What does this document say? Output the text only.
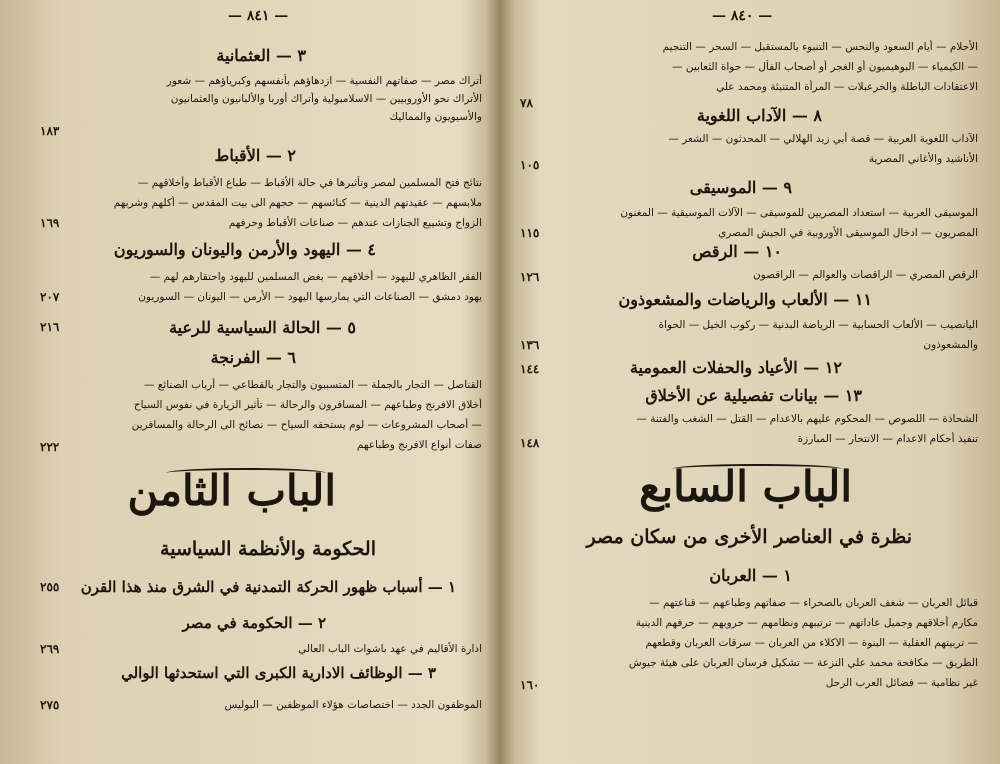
— ٨٤١ —
٣ — العثمانية
أتراك مصر — صفاتهم النفسية — ازدهاؤهم بأنفسهم وكبرياؤهم — شعور
الأتراك نحو الأوروبيين — الاسلامبولية وأتراك أوربا والألبانيون والعثمانيون
والأسيويون والمماليك
١٨٣
٢ — الأقباط
نتائج فتح المسلمين لمصر وتأثيرها في حالة الأقباط — طباع الأقباط وأخلاقهم —
ملابسهم — عقيدتهم الدينية — كنائسهم — حجهم الى بيت المقدس — أكلهم وشربهم
الزواج وتشييع الجنازات عندهم — صناعات الأقباط وحرفهم
١٦٩
٤ — اليهود والأرمن واليونان والسوريون
الفقر الظاهري لليهود — أخلاقهم — بغض المسلمين لليهود واحتقارهم لهم —
يهود دمشق — الصناعات التي يمارسها اليهود — الأرمن — اليونان — السوريون
٢٠٧
٥ — الحالة السياسية للرعية
٢١٦
٦ — الفرنجة
القناصل — التجار بالجملة — المتسببون والتجار بالقطاعي — أرباب الصنائع —
أخلاق الافرنج وطباعهم — المسافرون والرحالة — تأثير الزيارة في نفوس السياح
— أصحاب المشروعات — لوم يستحقه السياح — نصائح الى الرحالة والمسافرين
صفات أنواع الافرنج وطباعهم
٢٢٢
الباب الثامن
الحكومة والأنظمة السياسية
١ — أسباب ظهور الحركة التمدنية في الشرق منذ هذا القرن
٢٥٥
٢ — الحكومة في مصر
ادارة الأقاليم في عهد باشوات الباب العالي
٢٦٩
٣ — الوظائف الادارية الكبرى التي استحدثها الوالي
الموظفون الجدد — اختصاصات هؤلاء الموظفين — البوليس
٢٧٥
— ٨٤٠ —
الأحلام — أيام السعود والنحس — التنبوء بالمستقبل — السحر — التنجيم
— الكيمياء — البوهيميون أو الغجر أو أصحاب الفأل — حواة الثعابين —
الاعتقادات الباطلة والخرعبلات — المرأة المتنبئة ومحمد علي
٧٨
٨ — الآداب اللغوية
الآداب اللغوية العربية — قصة أبي زيد الهلالي — المحدثون — الشعر —
الأناشيد والأغاني المصرية
١٠٥
٩ — الموسيقى
الموسيقى العربية — استعداد المصريين للموسيقى — الآلات الموسيقية — المغنون
المصريون — ادخال الموسيقى الأوروبية في الجيش المصري
١١٥
١٠ — الرقص
الرقص المصري — الراقصات والعوالم — الراقصون
١٢٦
١١ — الألعاب والرياضات والمشعوذون
اليانصيب — الألعاب الحسابية — الرياضة البدنية — ركوب الخيل — الحواة
والمشعوذون
١٣٦
١٢ — الأعياد والحفلات العمومية
١٤٤
١٣ — بيانات تفصيلية عن الأخلاق
الشحاذة — اللصوص — المحكوم عليهم بالاعدام — القتل — الشغب والفتنة —
تنفيذ أحكام الاعدام — الانتحار — المبارزة
١٤٨
الباب السابع
نظرة في العناصر الأخرى من سكان مصر
١ — العربان
قبائل العربان — شغف العربان بالصحراء — صفاتهم وطباعهم — قناعتهم —
مكارم أخلاقهم وجميل عاداتهم — ترتيبهم ونظامهم — حروبهم — حرفهم الدينية
— تربيتهم العقلية — البنوة — الاكلاء من العربان — سرقات العربان وقطعهم
الطريق — مكافحة محمد علي النزعة — تشكيل فرسان العربان على هيئة جيوش
غير نظامية — فضائل العرب الرحل
١٦٠
